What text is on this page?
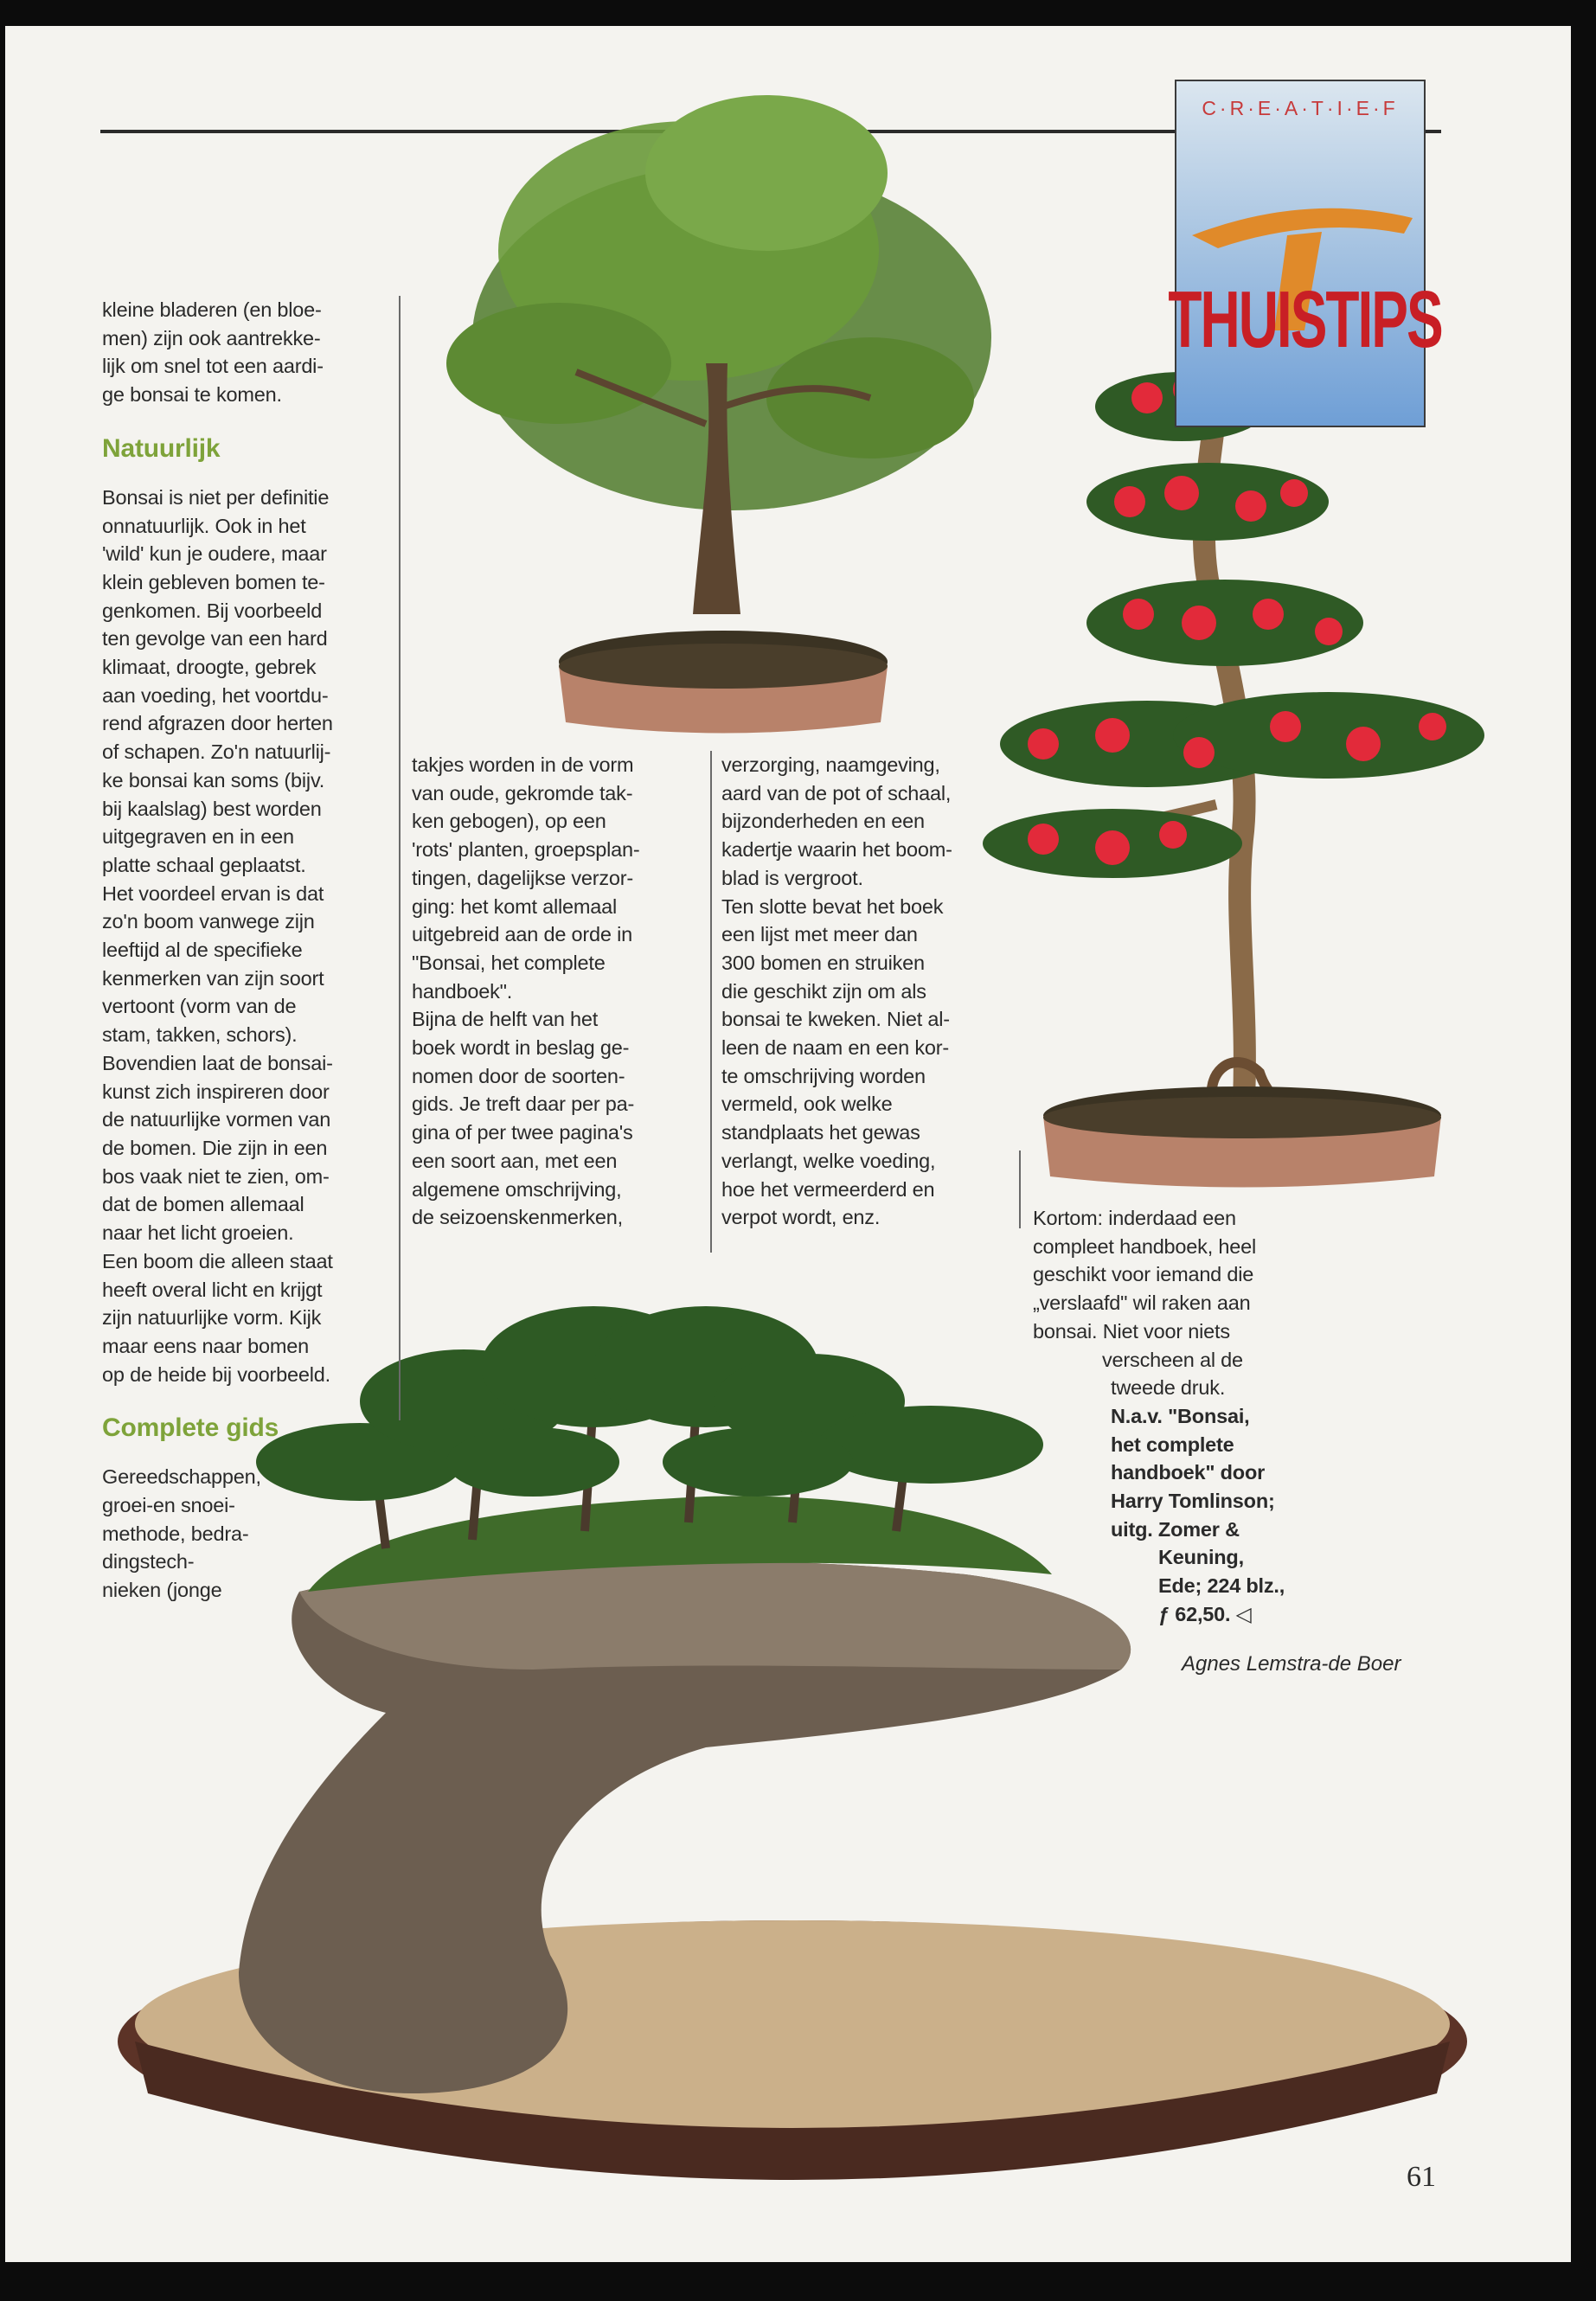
C·R·E·A·T·I·E·F
THUISTIPS

kleine bladeren (en bloe-

men) zijn ook aantrekke-

lijk om snel tot een aardi-

ge bonsai te komen.

Natuurlijk

Bonsai is niet per definitie

onnatuurlijk. Ook in het

'wild' kun je oudere, maar

klein gebleven bomen te-

genkomen. Bij voorbeeld

ten gevolge van een hard

klimaat, droogte, gebrek

aan voeding, het voortdu-

rend afgrazen door herten

of schapen. Zo'n natuurlij-

ke bonsai kan soms (bijv.

bij kaalslag) best worden

uitgegraven en in een

platte schaal geplaatst.

Het voordeel ervan is dat

zo'n boom vanwege zijn

leeftijd al de specifieke

kenmerken van zijn soort

vertoont (vorm van de

stam, takken, schors).

Bovendien laat de bonsai-

kunst zich inspireren door

de natuurlijke vormen van

de bomen. Die zijn in een

bos vaak niet te zien, om-

dat de bomen allemaal

naar het licht groeien.

Een boom die alleen staat

heeft overal licht en krijgt

zijn natuurlijke vorm. Kijk

maar eens naar bomen

op de heide bij voorbeeld.

Complete gids

Gereedschappen,

groei-en snoei-

methode, bedra-

dingstech-

nieken (jonge

takjes worden in de vorm

van oude, gekromde tak-

ken gebogen), op een

'rots' planten, groepsplan-

tingen, dagelijkse verzor-

ging: het komt allemaal

uitgebreid aan de orde in

"Bonsai, het complete

handboek".

Bijna de helft van het

boek wordt in beslag ge-

nomen door de soorten-

gids. Je treft daar per pa-

gina of per twee pagina's

een soort aan, met een

algemene omschrijving,

de seizoenskenmerken,

verzorging, naamgeving,

aard van de pot of schaal,

bijzonderheden en een

kadertje waarin het boom-

blad is vergroot.

Ten slotte bevat het boek

een lijst met meer dan

300 bomen en struiken

die geschikt zijn om als

bonsai te kweken. Niet al-

leen de naam en een kor-

te omschrijving worden

vermeld, ook welke

standplaats het gewas

verlangt, welke voeding,

hoe het vermeerderd en

verpot wordt, enz.	Kortom: inderdaad een

compleet handboek, heel

geschikt voor iemand die

„verslaafd" wil raken aan

bonsai. Niet voor niets

verscheen al de

tweede druk.

N.a.v. "Bonsai,

het complete

handboek" door

Harry Tomlinson;

uitg. Zomer &

Keuning,

Ede; 224 blz.,

ƒ 62,50. ◁

Agnes Lemstra-de Boer
61
